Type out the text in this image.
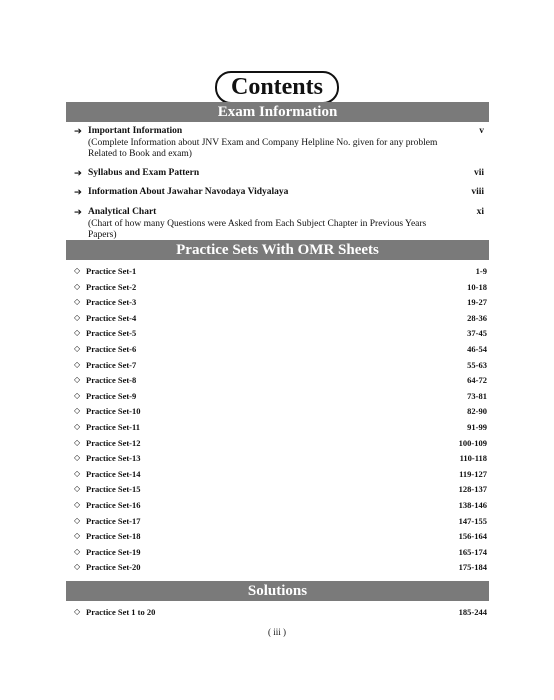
Contents
Exam Information
➔ Important Information	v
(Complete Information about JNV Exam and Company Helpline No. given for any problem Related to Book and exam)
➔ Syllabus and Exam Pattern	vii
➔ Information About Jawahar Navodaya Vidyalaya	viii
➔ Analytical Chart	xi
(Chart of how many Questions were Asked from Each Subject Chapter in Previous Years Papers)
Practice Sets With OMR Sheets
◇ Practice Set-1	1-9
◇ Practice Set-2	10-18
◇ Practice Set-3	19-27
◇ Practice Set-4	28-36
◇ Practice Set-5	37-45
◇ Practice Set-6	46-54
◇ Practice Set-7	55-63
◇ Practice Set-8	64-72
◇ Practice Set-9	73-81
◇ Practice Set-10	82-90
◇ Practice Set-11	91-99
◇ Practice Set-12	100-109
◇ Practice Set-13	110-118
◇ Practice Set-14	119-127
◇ Practice Set-15	128-137
◇ Practice Set-16	138-146
◇ Practice Set-17	147-155
◇ Practice Set-18	156-164
◇ Practice Set-19	165-174
◇ Practice Set-20	175-184
Solutions
◇ Practice Set 1 to 20	185-244
( iii )
